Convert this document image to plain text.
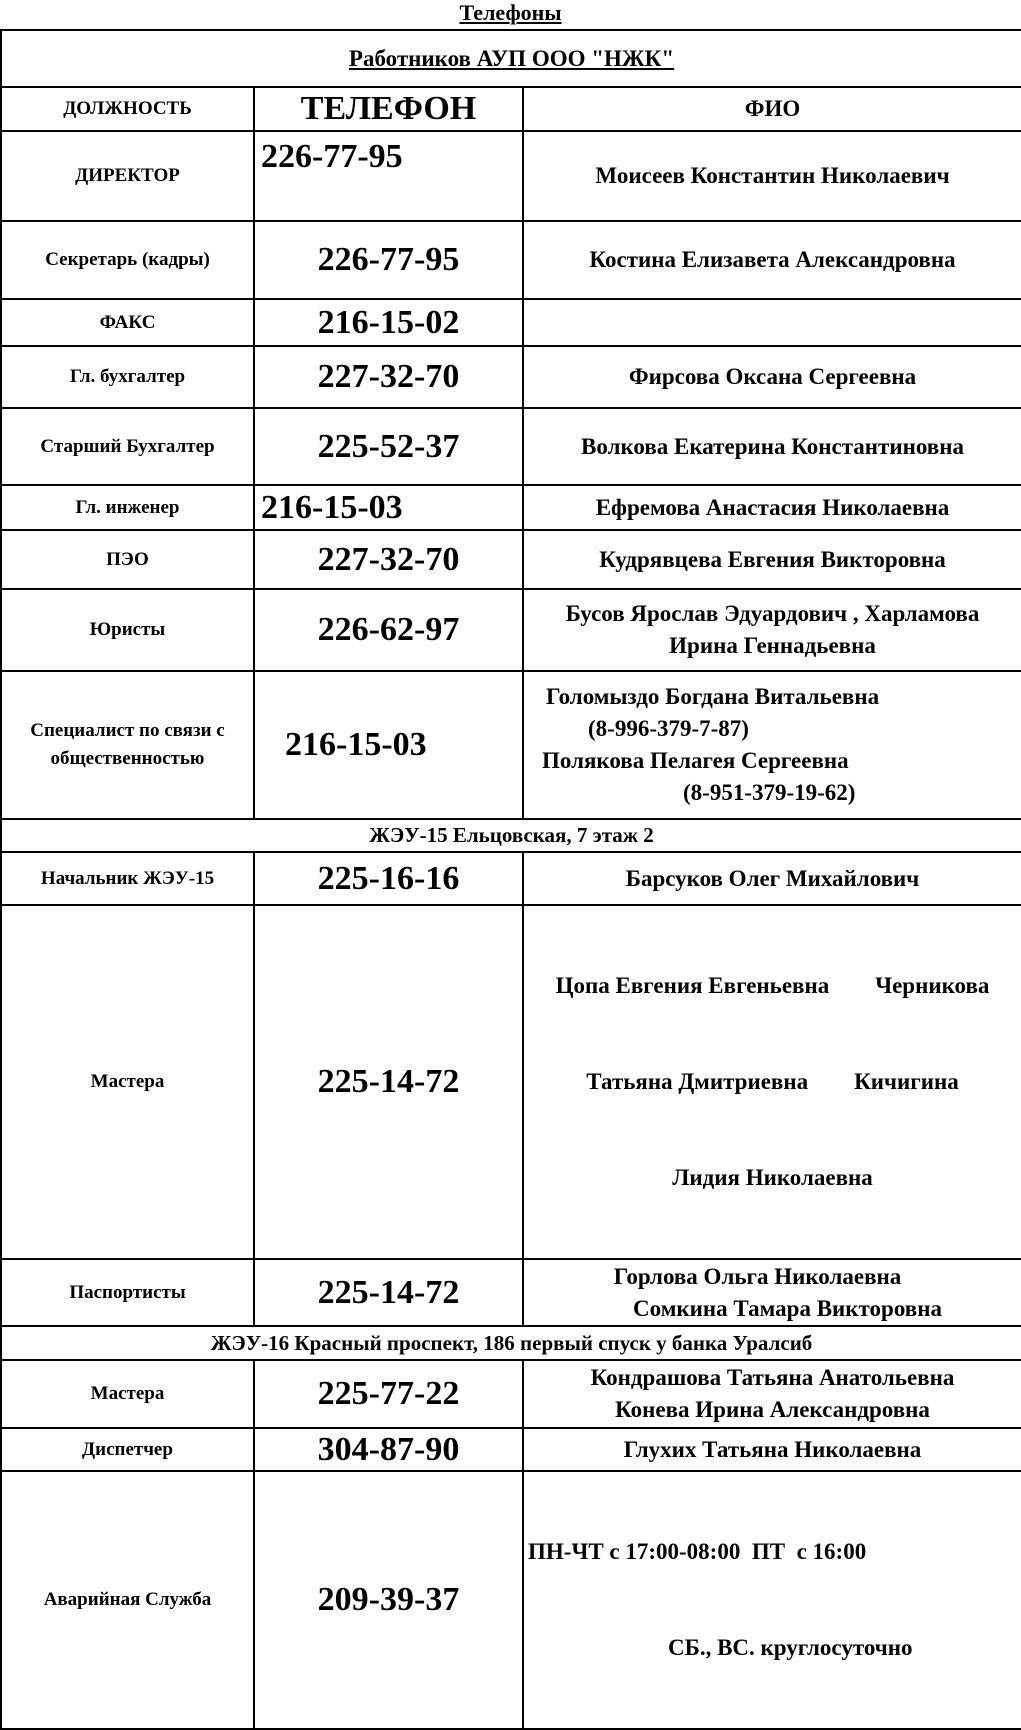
Телефоны
Работников АУП ООО "НЖК"		
ДОЛЖНОСТЬ	ТЕЛЕФОН	ФИО
ДИРЕКТОР	226-77-95	Моисеев Константин Николаевич
Секретарь (кадры)	226-77-95	Костина Елизавета Александровна
ФАКС	216-15-02	
Гл. бухгалтер	227-32-70	Фирсова Оксана Сергеевна
Старший Бухгалтер	225-52-37	Волкова Екатерина Константиновна
Гл. инженер	216-15-03	Ефремова Анастасия Николаевна
ПЭО	227-32-70	Кудрявцева Евгения Викторовна
Юристы	226-62-97	Бусов Ярослав Эдуардович , Харламова
Ирина Геннадьевна

Специалист по связи с
общественностью	216-15-03	Голомыздо Богдана Витальевна
(8-996-379-7-87)
Полякова Пелагея Сергеевна
(8-951-379-19-62)

ЖЭУ-15 Ельцовская, 7 этаж 2		
Начальник ЖЭУ-15	225-16-16	Барсуков Олег Михайлович
Мастера	225-14-72	Цопа Евгения Евгеньевна        Черникова

Татьяна Дмитриевна        Кичигина

Лидия Николаевна

Паспортисты	225-14-72	Горлова Ольга Николаевна
Сомкина Тамара Викторовна

ЖЭУ-16 Красный проспект, 186 первый спуск у банка Уралсиб		
Мастера	225-77-22	Кондрашова Татьяна Анатольевна
Конева Ирина Александровна

Диспетчер	304-87-90	Глухих Татьяна Николаевна
Аварийная Служба	209-39-37	ПН-ЧТ с 17:00-08:00  ПТ  с 16:00

СБ., ВС. круглосуточно
